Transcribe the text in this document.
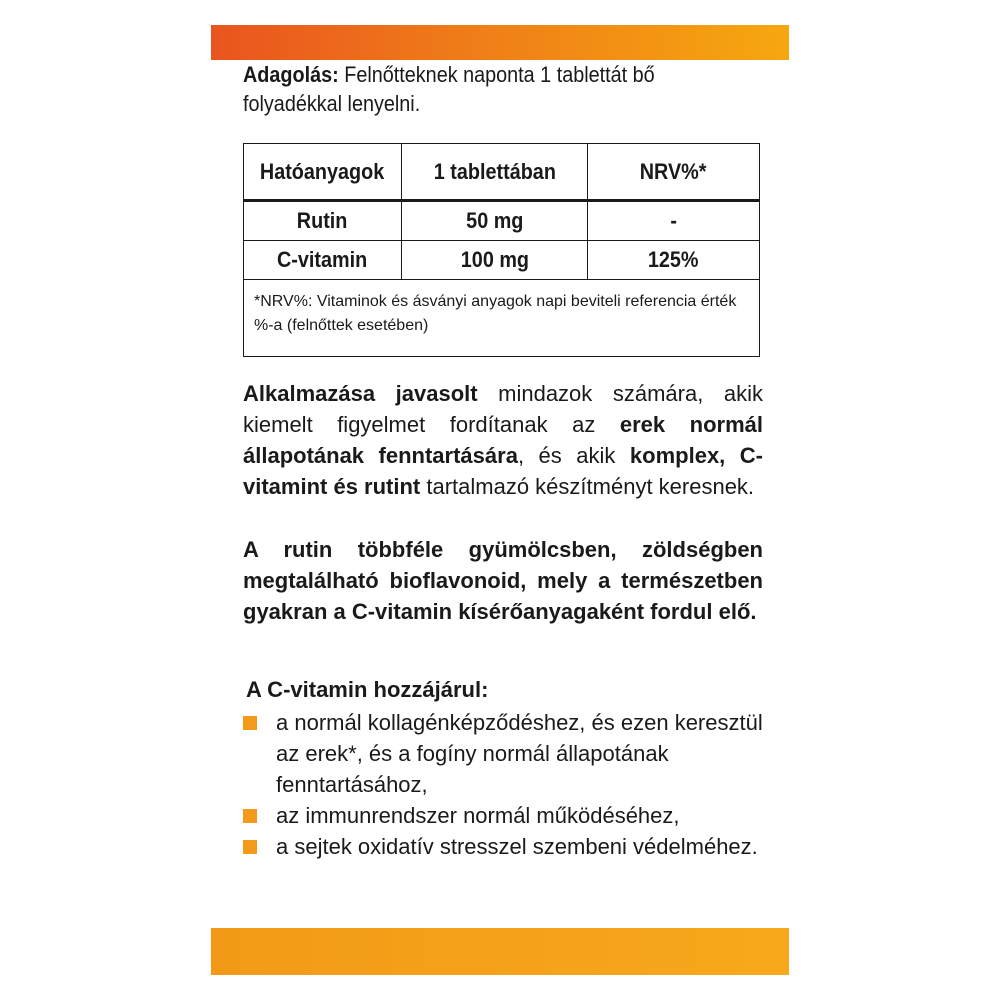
Adagolás: Felnőtteknek naponta 1 tablettát bő folyadékkal lenyelni.
Hatóanyagok	1 tablettában	NRV%*
Rutin	50 mg	-
C-vitamin	100 mg	125%
*NRV%: Vitaminok és ásványi anyagok napi beviteli referencia érték %-a (felnőttek esetében)		
Alkalmazása javasolt mindazok számára, akik kiemelt figyelmet fordítanak az erek normál állapotának fenntartására, és akik komplex, C-vitamint és rutint tartalmazó készítményt keresnek.
A rutin többféle gyümölcsben, zöldségben megtalálható bioflavonoid, mely a természetben gyakran a C-vitamin kísérőanyagaként fordul elő.
A C-vitamin hozzájárul:
a normál kollagénképződéshez, és ezen keresztül az erek*, és a fogíny normál állapotának fenntartásához,
az immunrendszer normál működéséhez,
a sejtek oxidatív stresszel szembeni védelméhez.
